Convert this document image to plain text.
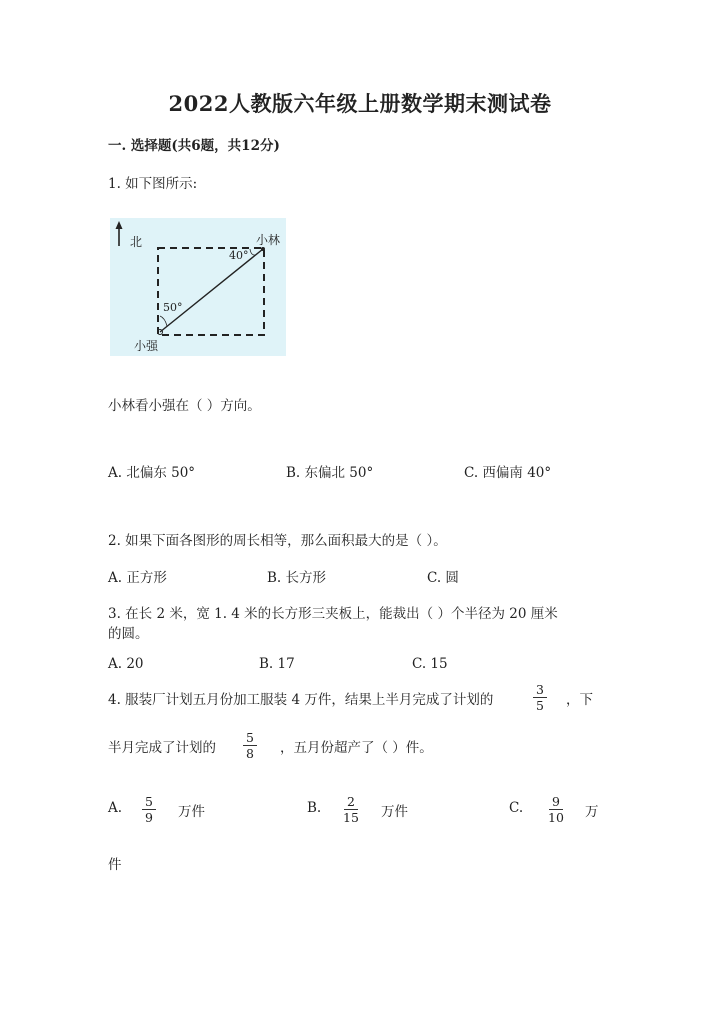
2022人教版六年级上册数学期末测试卷
一. 选择题(共6题，共12分)
1. 如下图所示:
北	小林
40°
50°
小强
小林看小强在（ ）方向。
A. 北偏东 50°	B. 东偏北 50°	C. 西偏南 40°
2. 如果下面各图形的周长相等，那么面积最大的是（ ）。
A. 正方形	B. 长方形	C. 圆
3. 在长 2 米，宽 1. 4 米的长方形三夹板上，能裁出（ ）个半径为 20 厘米
的圆。
A. 20	B. 17	C. 15
4. 服装厂计划五月份加工服装 4 万件，结果上半月完成了计划的	$\frac{3}{5}$ ，下
半月完成了计划的 $\frac{5}{8}$ ，五月份超产了（ ）件。
A. $\frac{5}{9}$ 万件	B. $\frac{2}{15}$ 万件	C. $\frac{9}{10}$ 万
件
